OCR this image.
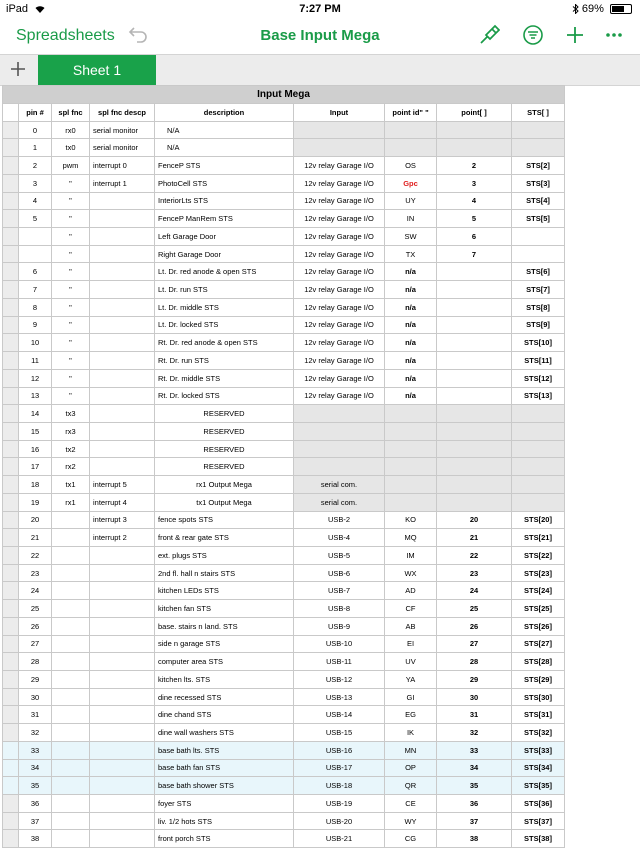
iPad	7:27 PM	69%
Spreadsheets	Base Input Mega
Sheet 1
Input Mega								
	pin #	spl fnc	spl fnc descp	description	Input	point id" "	point[ ]	STS[ ]
	0	rx0	serial monitor	N/A				
	1	tx0	serial monitor	N/A				
	2	pwm	interrupt 0	FenceP STS	12v relay Garage I/O	OS	2	STS[2]
	3	"	interrupt 1	PhotoCell STS	12v relay Garage I/O	Gpc	3	STS[3]
	4	"		InteriorLts STS	12v relay Garage I/O	UY	4	STS[4]
	5	"		FenceP ManRem STS	12v relay Garage I/O	IN	5	STS[5]
		"		Left Garage Door	12v relay Garage I/O	SW	6	
		"		Right Garage Door	12v relay Garage I/O	TX	7	
	6	"		Lt. Dr. red anode & open STS	12v relay Garage I/O	n/a		STS[6]
	7	"		Lt. Dr. run STS	12v relay Garage I/O	n/a		STS[7]
	8	"		Lt. Dr. middle STS	12v relay Garage I/O	n/a		STS[8]
	9	"		Lt. Dr. locked STS	12v relay Garage I/O	n/a		STS[9]
	10	"		Rt. Dr. red anode & open STS	12v relay Garage I/O	n/a		STS[10]
	11	"		Rt. Dr. run STS	12v relay Garage I/O	n/a		STS[11]
	12	"		Rt. Dr. middle STS	12v relay Garage I/O	n/a		STS[12]
	13	"		Rt. Dr. locked STS	12v relay Garage I/O	n/a		STS[13]
	14	tx3		RESERVED				
	15	rx3		RESERVED				
	16	tx2		RESERVED				
	17	rx2		RESERVED				
	18	tx1	interrupt 5	rx1 Output Mega	serial com.			
	19	rx1	interrupt 4	tx1 Output Mega	serial com.			
	20		interrupt 3	fence spots STS	USB-2	KO	20	STS[20]
	21		interrupt 2	front & rear gate STS	USB-4	MQ	21	STS[21]
	22			ext. plugs STS	USB-5	IM	22	STS[22]
	23			2nd fl. hall n stairs STS	USB-6	WX	23	STS[23]
	24			kitchen LEDs STS	USB-7	AD	24	STS[24]
	25			kitchen fan STS	USB-8	CF	25	STS[25]
	26			base. stairs n land. STS	USB-9	AB	26	STS[26]
	27			side n garage STS	USB-10	EI	27	STS[27]
	28			computer area STS	USB-11	UV	28	STS[28]
	29			kitchen lts. STS	USB-12	YA	29	STS[29]
	30			dine recessed STS	USB-13	GI	30	STS[30]
	31			dine chand STS	USB-14	EG	31	STS[31]
	32			dine wall washers STS	USB-15	IK	32	STS[32]
	33			base bath lts. STS	USB-16	MN	33	STS[33]
	34			base bath fan STS	USB-17	OP	34	STS[34]
	35			base bath shower STS	USB-18	QR	35	STS[35]
	36			foyer STS	USB-19	CE	36	STS[36]
	37			liv. 1/2 hots STS	USB-20	WY	37	STS[37]
	38			front porch STS	USB-21	CG	38	STS[38]
